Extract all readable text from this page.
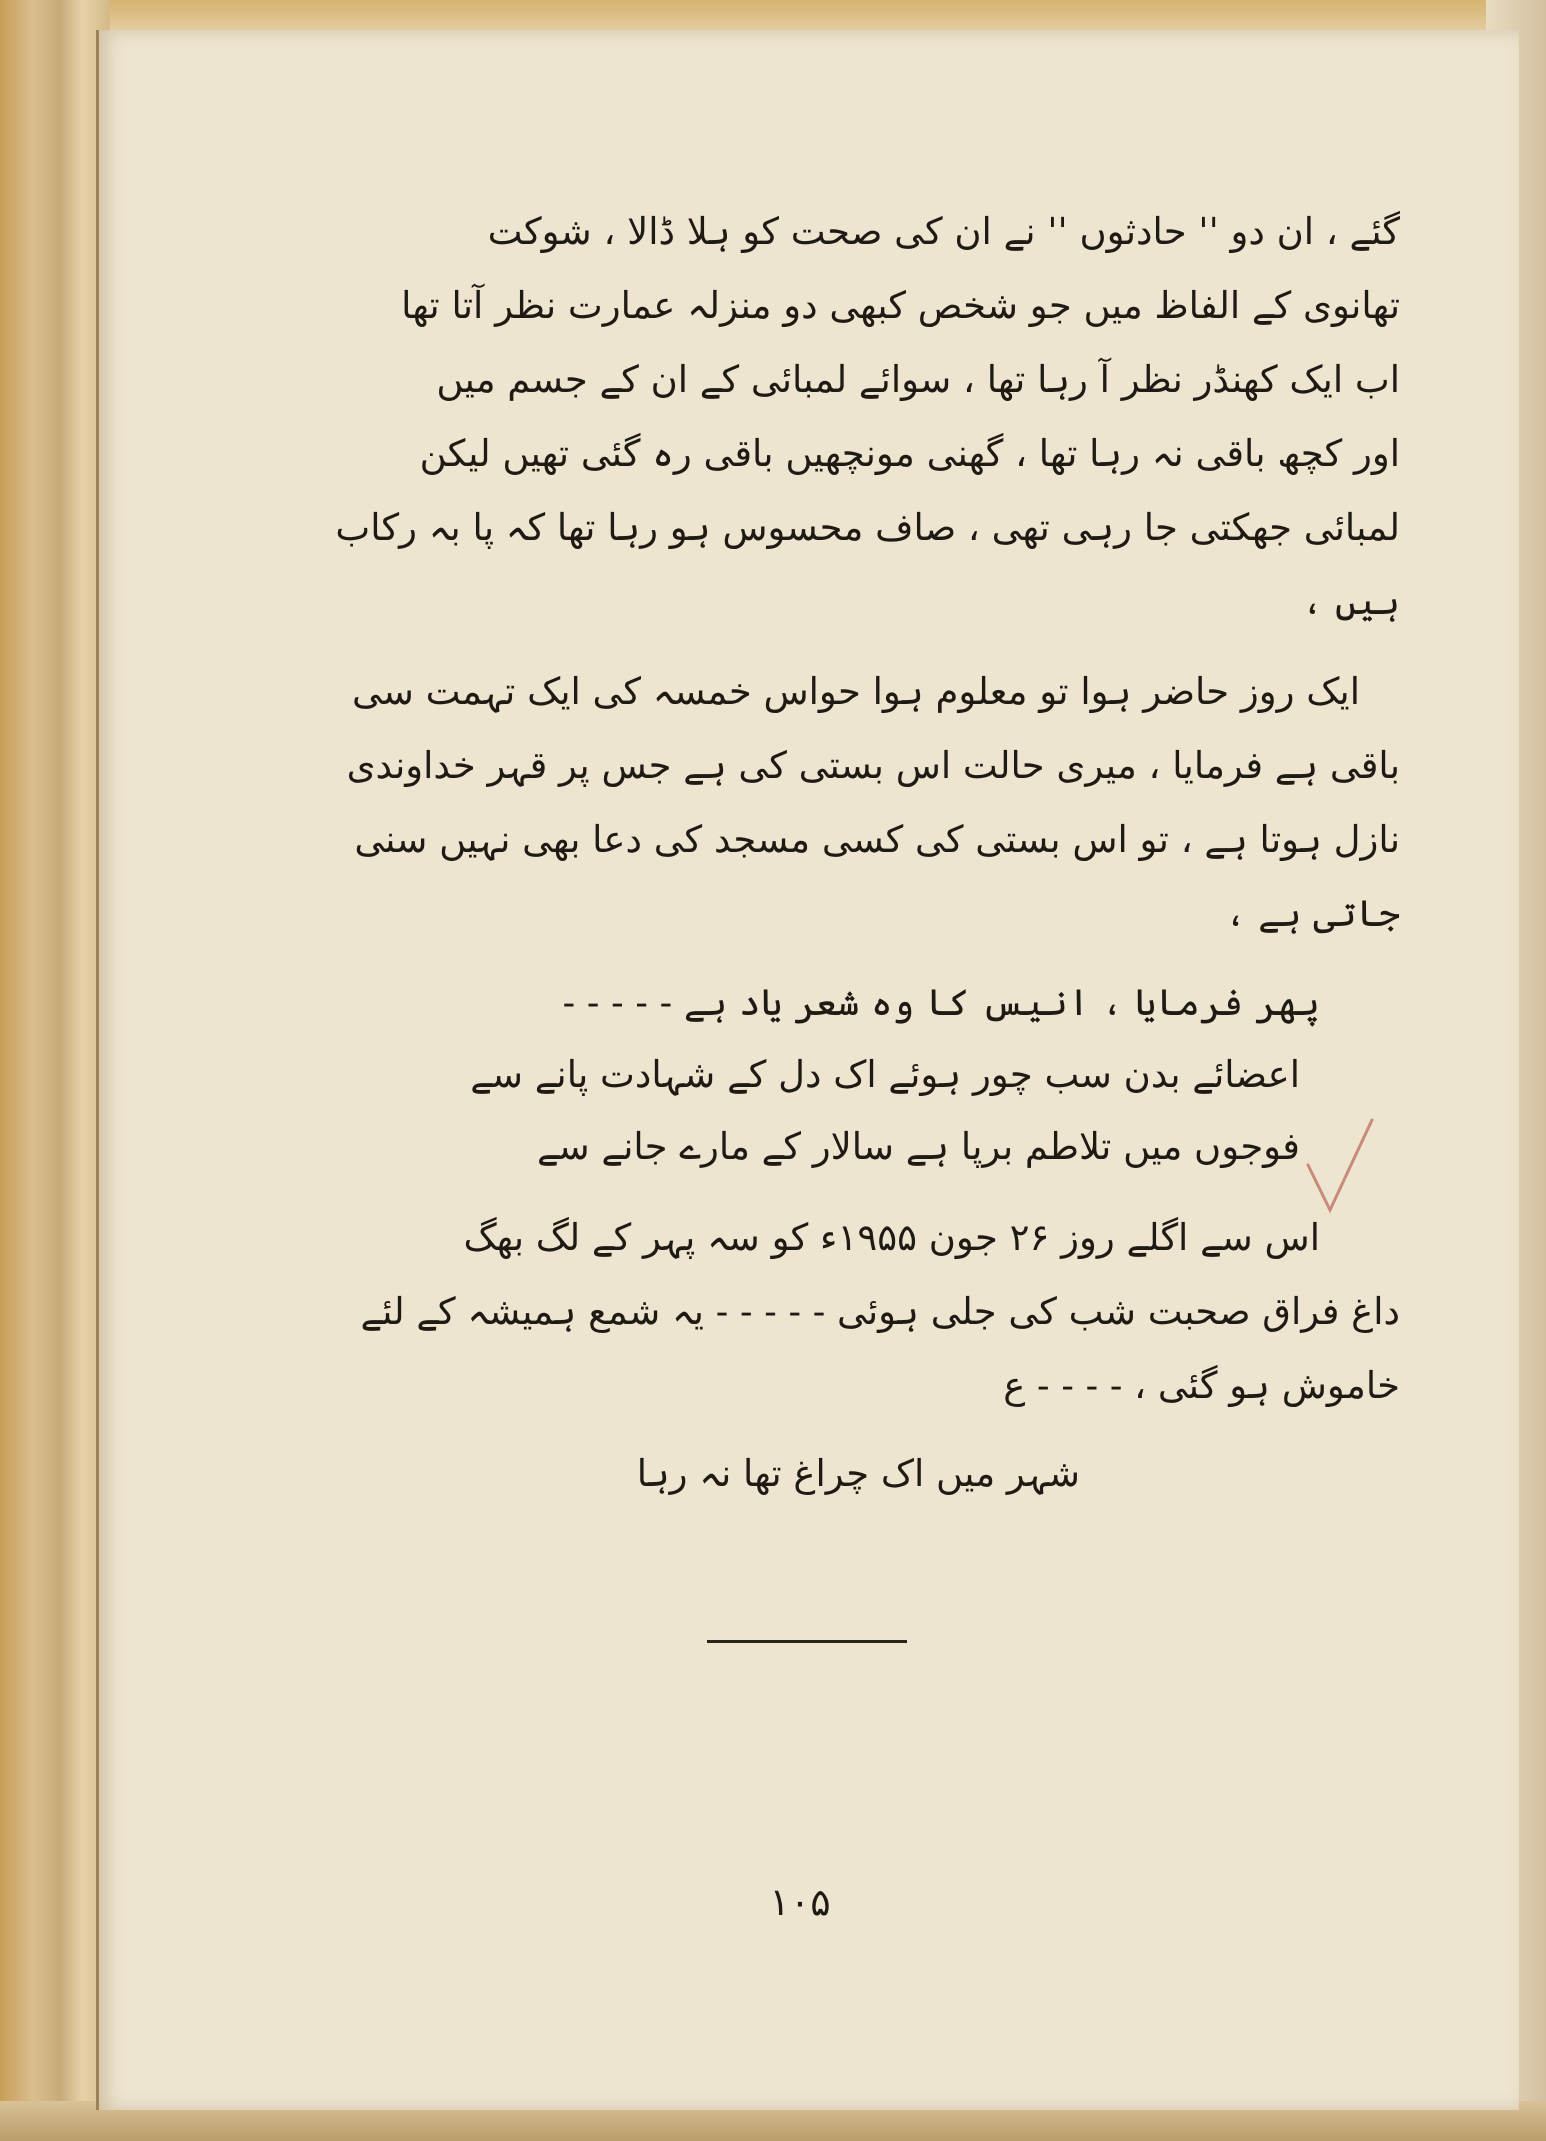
گئے ، ان دو '' حادثوں '' نے ان کی صحت کو ہلا ڈالا ، شوکت

تھانوی کے الفاظ میں جو شخص کبھی دو منزلہ عمارت نظر آتا تھا

اب ایک کھنڈر نظر آ رہا تھا ، سوائے لمبائی کے ان کے جسم میں

اور کچھ باقی نہ رہا تھا ، گھنی مونچھیں باقی رہ گئی تھیں لیکن

لمبائی جھکتی جا رہی تھی ، صاف محسوس ہو رہا تھا کہ پا بہ رکاب

ہیں ،

ایک روز حاضر ہوا تو معلوم ہوا حواس خمسہ کی ایک تہمت سی

باقی ہے فرمایا ، میری حالت اس بستی کی ہے جس پر قہر خداوندی

نازل ہوتا ہے ، تو اس بستی کی کسی مسجد کی دعا بھی نہیں سنی

جاتی ہے ،

پھر فرمایا ، انیس کا وہ شعر یاد ہے - - - - -

اعضائے بدن سب چور ہوئے اک دل کے شہادت پانے سے

فوجوں میں تلاطم برپا ہے سالار کے مارے جانے سے

اس سے اگلے روز ۲۶ جون ۱۹۵۵ء کو سہ پہر کے لگ بھگ

داغ فراق صحبت شب کی جلی ہوئی - - - - - یہ شمع ہمیشہ کے لئے

خاموش ہو گئی ، - - - - ع

شہر میں اک چراغ تھا نہ رہا

۱۰۵
